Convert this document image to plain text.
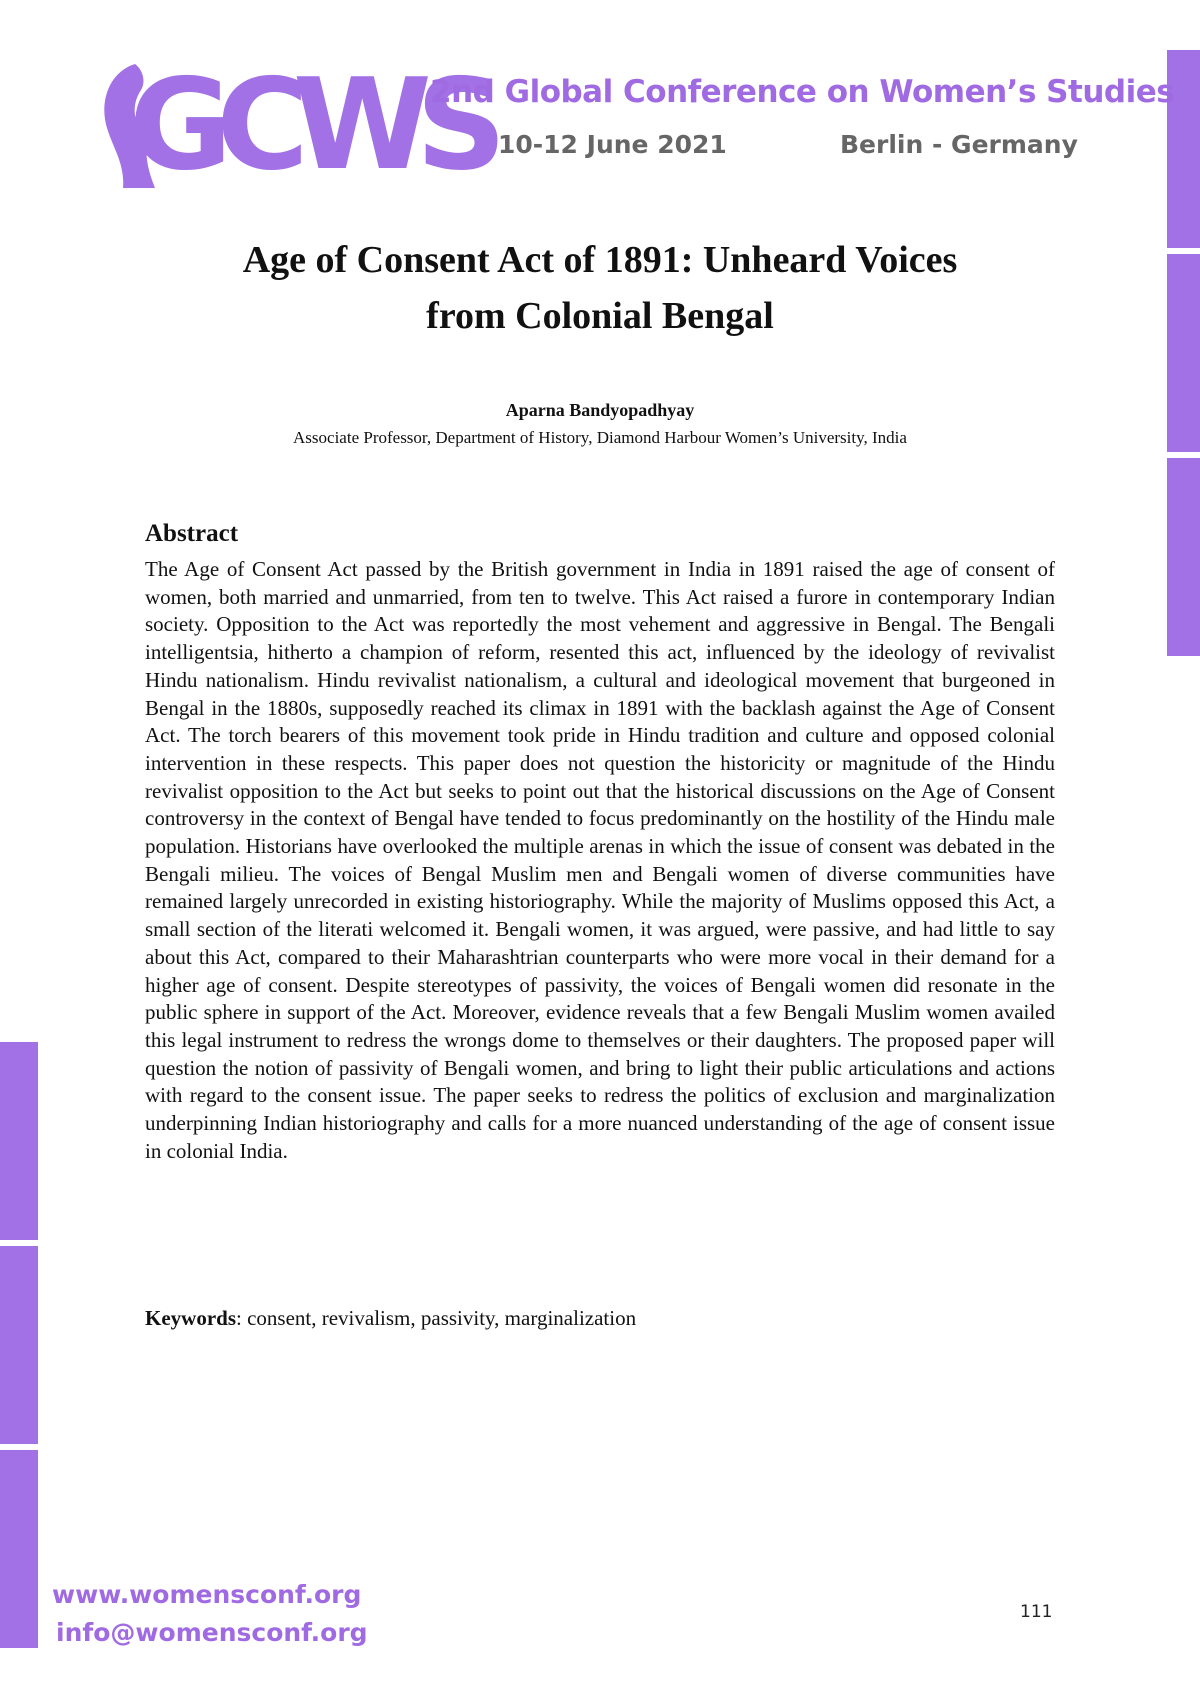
GCWS
2nd Global Conference on Women’s Studies
10-12 June 2021	Berlin - Germany
Age of Consent Act of 1891: Unheard Voices
from Colonial Bengal
Aparna Bandyopadhyay
Associate Professor, Department of History, Diamond Harbour Women’s University, India
Abstract

The Age of Consent Act passed by the British government in India in 1891 raised the age of consent of women, both married and unmarried, from ten to twelve. This Act raised a furore in contemporary Indian society. Opposition to the Act was reportedly the most vehement and aggressive in Bengal. The Bengali intelligentsia, hitherto a champion of reform, resented this act, influenced by the ideology of revivalist Hindu nationalism. Hindu revivalist nationalism, a cultural and ideological movement that burgeoned in Bengal in the 1880s, supposedly reached its climax in 1891 with the backlash against the Age of Consent Act. The torch bearers of this movement took pride in Hindu tradition and culture and opposed colonial intervention in these respects. This paper does not question the historicity or magnitude of the Hindu revivalist opposition to the Act but seeks to point out that the historical discussions on the Age of Consent controversy in the context of Bengal have tended to focus predominantly on the hostility of the Hindu male population. Historians have overlooked the multiple arenas in which the issue of consent was debated in the Bengali milieu. The voices of Bengal Muslim men and Bengali women of diverse communities have remained largely unrecorded in existing historiography. While the majority of Muslims opposed this Act, a small section of the literati welcomed it. Bengali women, it was argued, were passive, and had little to say about this Act, compared to their Maharashtrian counterparts who were more vocal in their demand for a higher age of consent. Despite stereotypes of passivity, the voices of Bengali women did resonate in the public sphere in support of the Act. Moreover, evidence reveals that a few Bengali Muslim women availed this legal instrument to redress the wrongs dome to themselves or their daughters. The proposed paper will question the notion of passivity of Bengali women, and bring to light their public articulations and actions with regard to the consent issue. The paper seeks to redress the politics of exclusion and marginalization underpinning Indian historiography and calls for a more nuanced understanding of the age of consent issue in colonial India.

Keywords: consent, revivalism, passivity, marginalization
www.womensconf.org
info@womensconf.org
111
